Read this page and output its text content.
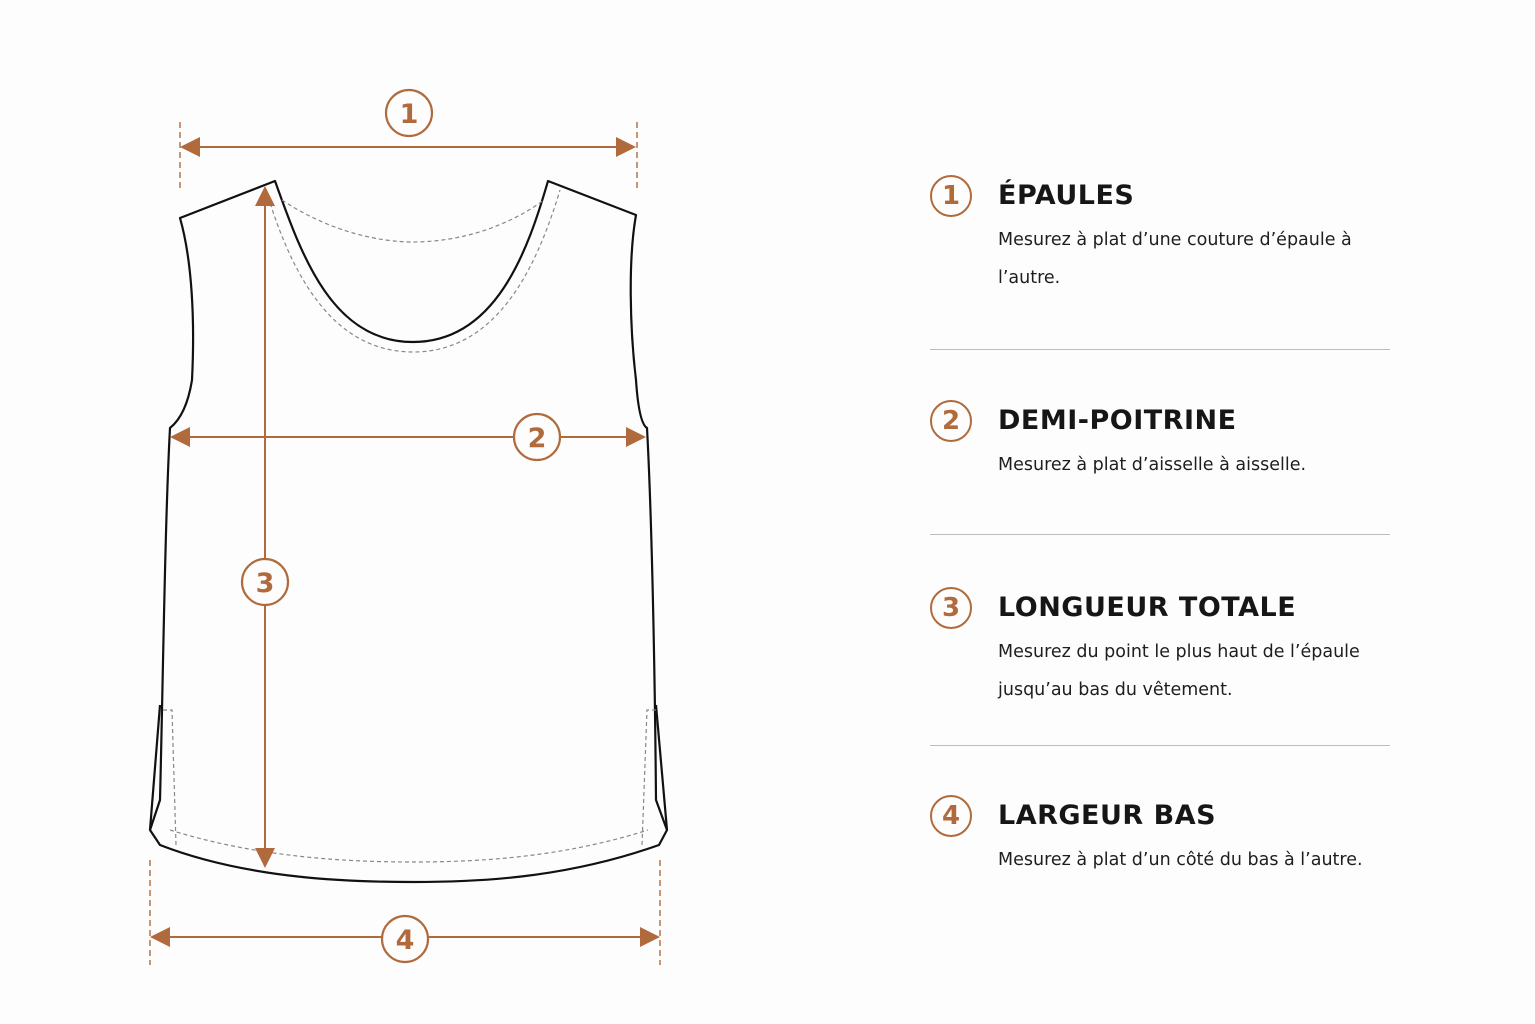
1
2
3
4
1	ÉPAULES
Mesurez à plat d’une couture d’épaule à l’autre.
2	DEMI-POITRINE
Mesurez à plat d’aisselle à aisselle.
3	LONGUEUR TOTALE
Mesurez du point le plus haut de l’épaule jusqu’au bas du vêtement.
4	LARGEUR BAS
Mesurez à plat d’un côté du bas à l’autre.
